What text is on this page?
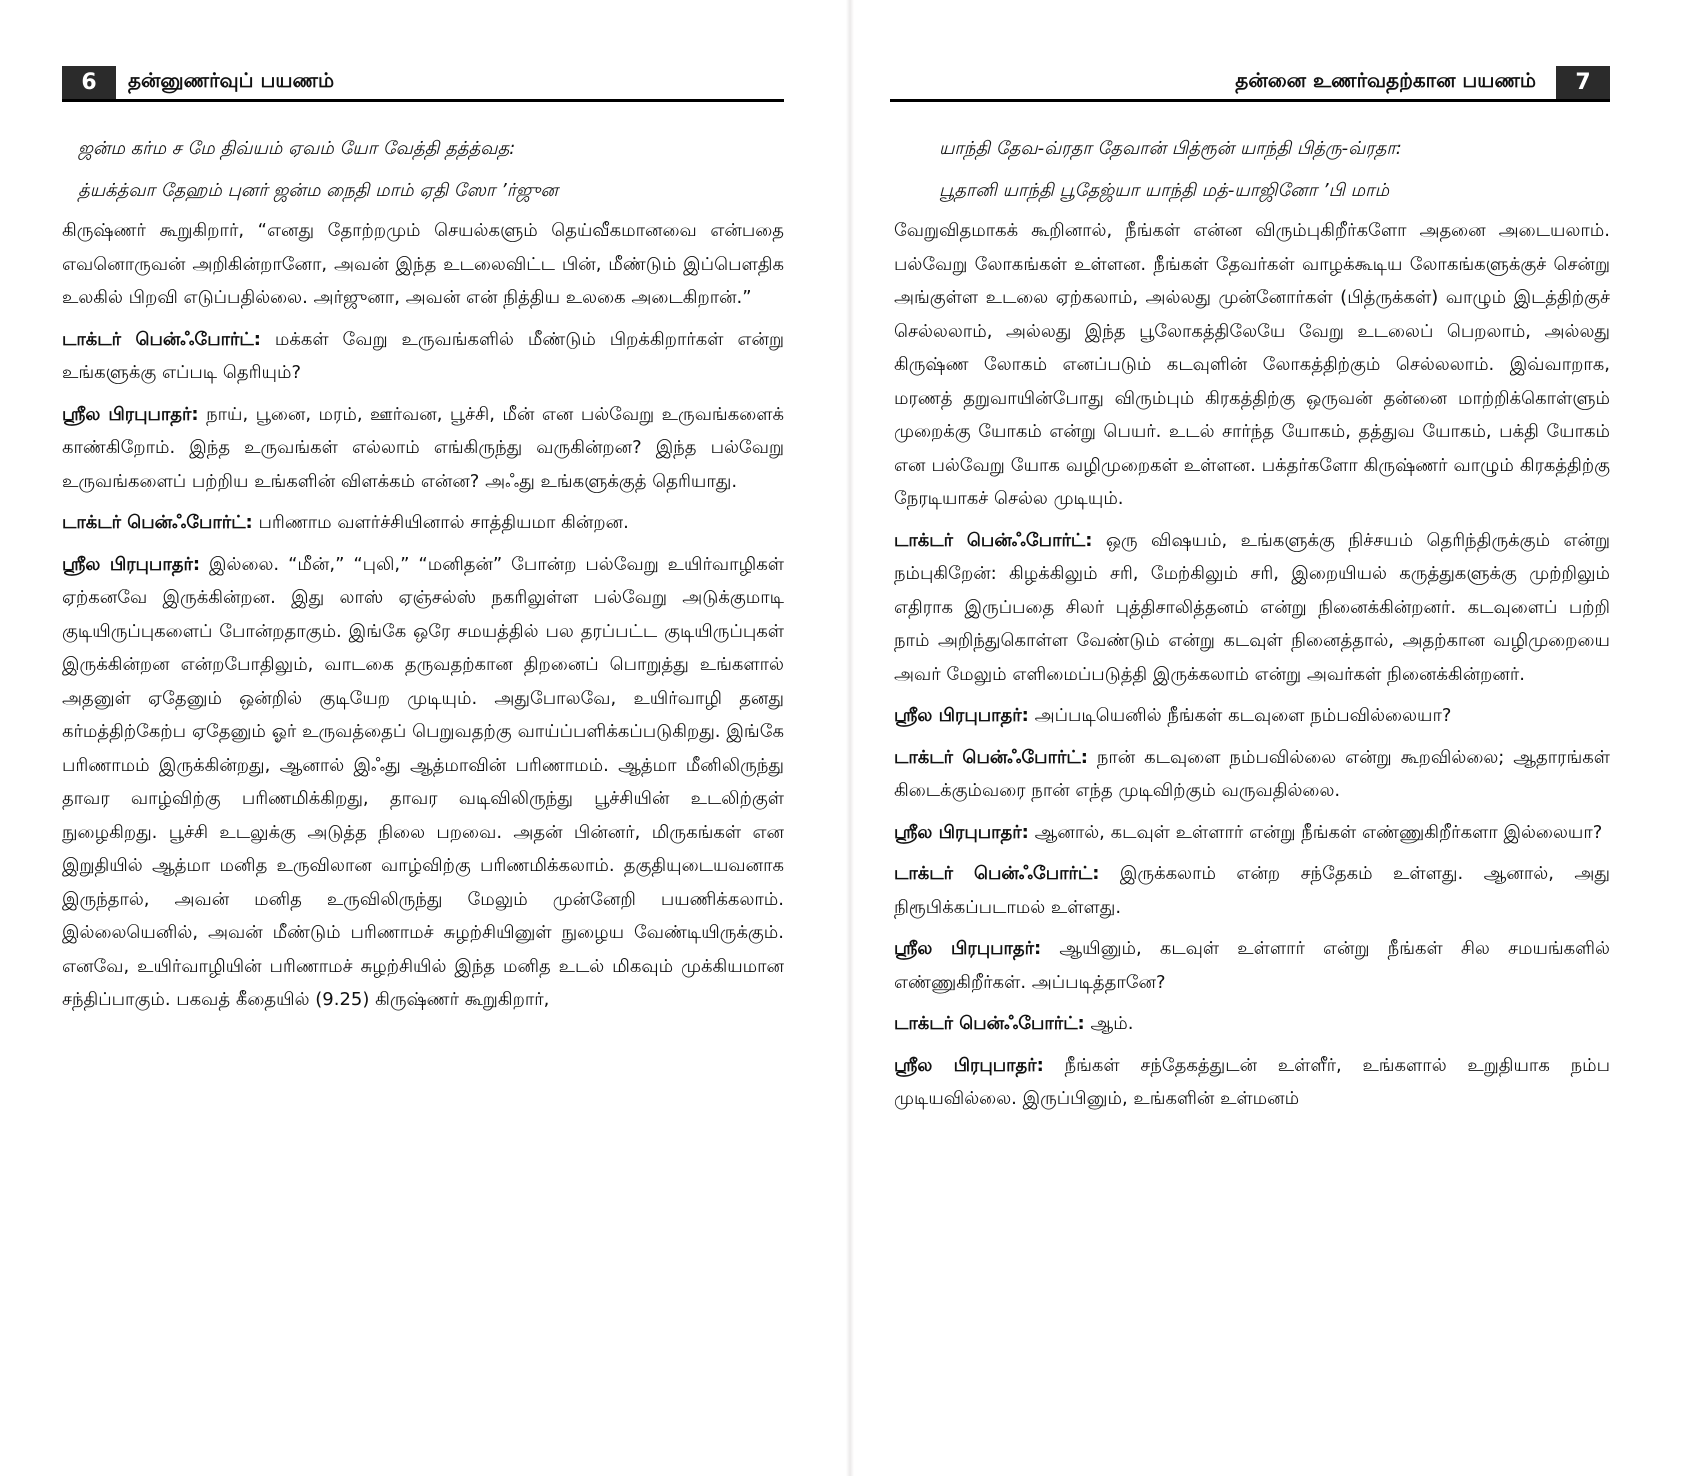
6	தன்னுணர்வுப் பயணம்
ஜன்ம கர்ம ச மே திவ்யம் ஏவம் யோ வேத்தி தத்த்வத:
த்யக்த்வா தேஹம் புனர் ஜன்ம நைதி மாம் ஏதி ஸோ ’ர்ஜுன

கிருஷ்ணர் கூறுகிறார், “எனது தோற்றமும் செயல்களும் தெய்வீகமானவை என்பதை எவனொருவன் அறிகின்றானோ, அவன் இந்த உடலைவிட்ட பின், மீண்டும் இப்பௌதிக உலகில் பிறவி எடுப்பதில்லை. அர்ஜுனா, அவன் என் நித்திய உலகை அடைகிறான்.”

டாக்டர் பென்ஃபோர்ட்: மக்கள் வேறு உருவங்களில் மீண்டும் பிறக்கிறார்கள் என்று உங்களுக்கு எப்படி தெரியும்?

ஸ்ரீல பிரபுபாதர்: நாய், பூனை, மரம், ஊர்வன, பூச்சி, மீன் என பல்வேறு உருவங்களைக் காண்கிறோம். இந்த உருவங்கள் எல்லாம் எங்கிருந்து வருகின்றன? இந்த பல்வேறு உருவங்களைப் பற்றிய உங்களின் விளக்கம் என்ன? அஃது உங்களுக்குத் தெரியாது.

டாக்டர் பென்ஃபோர்ட்: பரிணாம வளர்ச்சியினால் சாத்தியமா கின்றன.

ஸ்ரீல பிரபுபாதர்: இல்லை. “மீன்,” “புலி,” “மனிதன்” போன்ற பல்வேறு உயிர்வாழிகள் ஏற்கனவே இருக்கின்றன. இது லாஸ் ஏஞ்சல்ஸ் நகரிலுள்ள பல்வேறு அடுக்குமாடி குடியிருப்புகளைப் போன்றதாகும். இங்கே ஒரே சமயத்தில் பல தரப்பட்ட குடியிருப்புகள் இருக்கின்றன என்றபோதிலும், வாடகை தருவதற்கான திறனைப் பொறுத்து உங்களால் அதனுள் ஏதேனும் ஒன்றில் குடியேற முடியும். அதுபோலவே, உயிர்வாழி தனது கர்மத்திற்கேற்ப ஏதேனும் ஓர் உருவத்தைப் பெறுவதற்கு வாய்ப்பளிக்கப்படுகிறது. இங்கே பரிணாமம் இருக்கின்றது, ஆனால் இஃது ஆத்மாவின் பரிணாமம். ஆத்மா மீனிலிருந்து தாவர வாழ்விற்கு பரிணமிக்கிறது, தாவர வடிவிலிருந்து பூச்சியின் உடலிற்குள் நுழைகிறது. பூச்சி உடலுக்கு அடுத்த நிலை பறவை. அதன் பின்னர், மிருகங்கள் என இறுதியில் ஆத்மா மனித உருவிலான வாழ்விற்கு பரிணமிக்கலாம். தகுதியுடையவனாக இருந்தால், அவன் மனித உருவிலிருந்து மேலும் முன்னேறி பயணிக்கலாம். இல்லையெனில், அவன் மீண்டும் பரிணாமச் சுழற்சியினுள் நுழைய வேண்டியிருக்கும். எனவே, உயிர்வாழியின் பரிணாமச் சுழற்சியில் இந்த மனித உடல் மிகவும் முக்கியமான சந்திப்பாகும். பகவத் கீதையில் (9.25) கிருஷ்ணர் கூறுகிறார்,

தன்னை உணர்வதற்கான பயணம்	7
யாந்தி தேவ-வ்ரதா தேவான் பித்ரூன் யாந்தி பித்ரு-வ்ரதா:
பூதானி யாந்தி பூதேஜ்யா யாந்தி மத்-யாஜினோ ’பி மாம்

வேறுவிதமாகக் கூறினால், நீங்கள் என்ன விரும்புகிறீர்களோ அதனை அடையலாம். பல்வேறு லோகங்கள் உள்ளன. நீங்கள் தேவர்கள் வாழக்கூடிய லோகங்களுக்குச் சென்று அங்குள்ள உடலை ஏற்கலாம், அல்லது முன்னோர்கள் (பித்ருக்கள்) வாழும் இடத்திற்குச் செல்லலாம், அல்லது இந்த பூலோகத்திலேயே வேறு உடலைப் பெறலாம், அல்லது கிருஷ்ண லோகம் எனப்படும் கடவுளின் லோகத்திற்கும் செல்லலாம். இவ்வாறாக, மரணத் தறுவாயின்போது விரும்பும் கிரகத்திற்கு ஒருவன் தன்னை மாற்றிக்கொள்ளும் முறைக்கு யோகம் என்று பெயர். உடல் சார்ந்த யோகம், தத்துவ யோகம், பக்தி யோகம் என பல்வேறு யோக வழிமுறைகள் உள்ளன. பக்தர்களோ கிருஷ்ணர் வாழும் கிரகத்திற்கு நேரடியாகச் செல்ல முடியும்.

டாக்டர் பென்ஃபோர்ட்: ஒரு விஷயம், உங்களுக்கு நிச்சயம் தெரிந்திருக்கும் என்று நம்புகிறேன்: கிழக்கிலும் சரி, மேற்கிலும் சரி, இறையியல் கருத்துகளுக்கு முற்றிலும் எதிராக இருப்பதை சிலர் புத்திசாலித்தனம் என்று நினைக்கின்றனர். கடவுளைப் பற்றி நாம் அறிந்துகொள்ள வேண்டும் என்று கடவுள் நினைத்தால், அதற்கான வழிமுறையை அவர் மேலும் எளிமைப்படுத்தி இருக்கலாம் என்று அவர்கள் நினைக்கின்றனர்.

ஸ்ரீல பிரபுபாதர்: அப்படியெனில் நீங்கள் கடவுளை நம்பவில்லையா?

டாக்டர் பென்ஃபோர்ட்: நான் கடவுளை நம்பவில்லை என்று கூறவில்லை; ஆதாரங்கள் கிடைக்கும்வரை நான் எந்த முடிவிற்கும் வருவதில்லை.

ஸ்ரீல பிரபுபாதர்: ஆனால், கடவுள் உள்ளார் என்று நீங்கள் எண்ணுகிறீர்களா இல்லையா?

டாக்டர் பென்ஃபோர்ட்: இருக்கலாம் என்ற சந்தேகம் உள்ளது. ஆனால், அது நிரூபிக்கப்படாமல் உள்ளது.

ஸ்ரீல பிரபுபாதர்: ஆயினும், கடவுள் உள்ளார் என்று நீங்கள் சில சமயங்களில் எண்ணுகிறீர்கள். அப்படித்தானே?

டாக்டர் பென்ஃபோர்ட்: ஆம்.

ஸ்ரீல பிரபுபாதர்: நீங்கள் சந்தேகத்துடன் உள்ளீர், உங்களால் உறுதியாக நம்ப முடியவில்லை. இருப்பினும், உங்களின் உள்மனம்
